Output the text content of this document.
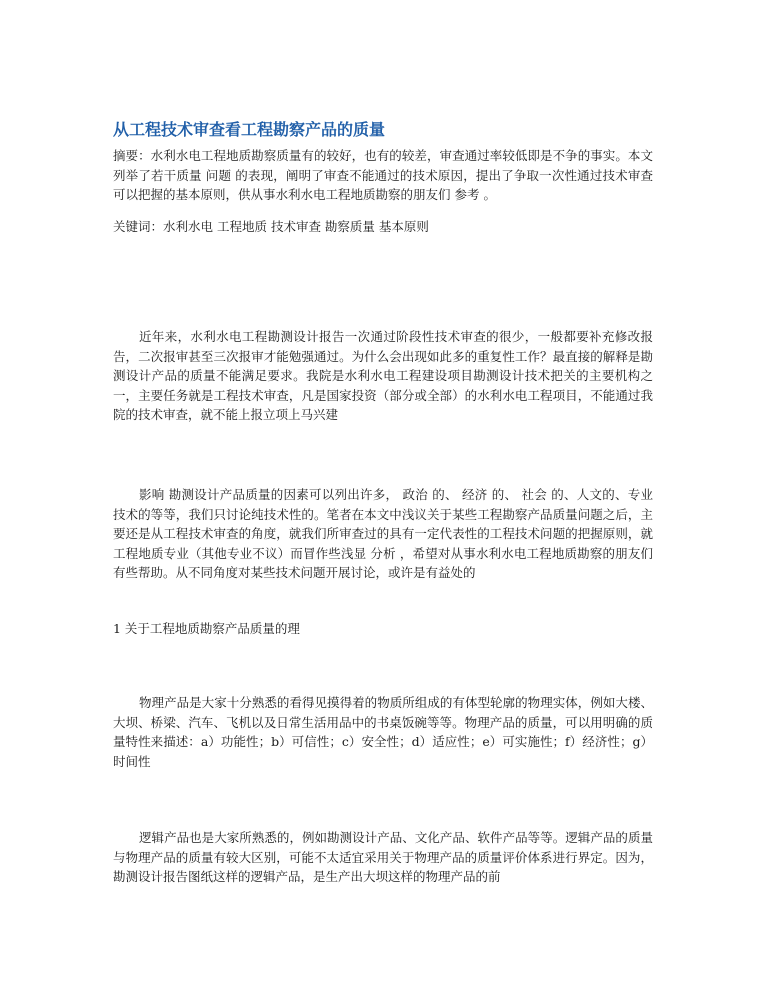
从工程技术审查看工程勘察产品的质量
摘要：水利水电工程地质勘察质量有的较好，也有的较差，审查通过率较低即是不争的事实。本文列举了若干质量 问题 的表现，阐明了审查不能通过的技术原因，提出了争取一次性通过技术审查可以把握的基本原则，供从事水利水电工程地质勘察的朋友们 参考 。
关键词：水利水电 工程地质 技术审查 勘察质量 基本原则
近年来，水利水电工程勘测设计报告一次通过阶段性技术审查的很少，一般都要补充修改报告，二次报审甚至三次报审才能勉强通过。为什么会出现如此多的重复性工作？最直接的解释是勘测设计产品的质量不能满足要求。我院是水利水电工程建设项目勘测设计技术把关的主要机构之一，主要任务就是工程技术审查，凡是国家投资（部分或全部）的水利水电工程项目，不能通过我院的技术审查，就不能上报立项上马兴建
影响 勘测设计产品质量的因素可以列出许多， 政治 的、 经济 的、 社会 的、人文的、专业技术的等等，我们只讨论纯技术性的。笔者在本文中浅议关于某些工程勘察产品质量问题之后，主要还是从工程技术审查的角度，就我们所审查过的具有一定代表性的工程技术问题的把握原则，就工程地质专业（其他专业不议）而冒作些浅显 分析 ，希望对从事水利水电工程地质勘察的朋友们有些帮助。从不同角度对某些技术问题开展讨论，或许是有益处的
1 关于工程地质勘察产品质量的理
物理产品是大家十分熟悉的看得见摸得着的物质所组成的有体型轮廓的物理实体，例如大楼、大坝、桥梁、汽车、飞机以及日常生活用品中的书桌饭碗等等。物理产品的质量，可以用明确的质量特性来描述：a）功能性；b）可信性；c）安全性；d）适应性；e）可实施性；f）经济性；g）时间性
逻辑产品也是大家所熟悉的，例如勘测设计产品、文化产品、软件产品等等。逻辑产品的质量与物理产品的质量有较大区别，可能不太适宜采用关于物理产品的质量评价体系进行界定。因为，勘测设计报告图纸这样的逻辑产品，是生产出大坝这样的物理产品的前
